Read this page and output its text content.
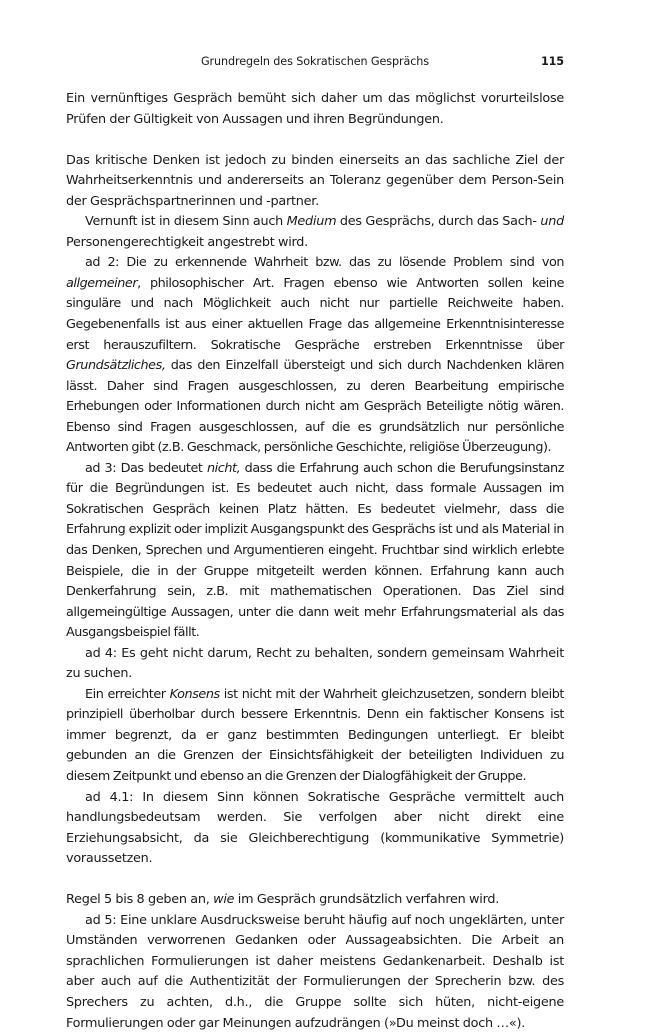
Grundregeln des Sokratischen Gesprächs	115

Ein vernünftiges Gespräch bemüht sich daher um das möglichst vorurteilslose Prüfen der Gültigkeit von Aussagen und ihren Begründungen.

Das kritische Denken ist jedoch zu binden einerseits an das sachliche Ziel der Wahrheitserkenntnis und andererseits an Toleranz gegenüber dem Person-Sein der Gesprächspartnerinnen und -partner.

Vernunft ist in diesem Sinn auch Medium des Gesprächs, durch das Sach- und Personengerechtigkeit angestrebt wird.

ad 2: Die zu erkennende Wahrheit bzw. das zu lösende Problem sind von allgemeiner, philosophischer Art. Fragen ebenso wie Antworten sollen keine singuläre und nach Möglichkeit auch nicht nur partielle Reichweite haben. Gegebenenfalls ist aus einer aktuellen Frage das allgemeine Erkenntnisinteresse erst herauszufiltern. Sokratische Gespräche erstreben Erkenntnisse über Grundsätzliches, das den Einzelfall übersteigt und sich durch Nachdenken klären lässt. Daher sind Fragen ausgeschlossen, zu deren Bearbeitung empirische Erhebungen oder Informationen durch nicht am Gespräch Beteiligte nötig wären. Ebenso sind Fragen ausgeschlossen, auf die es grundsätzlich nur persönliche Antworten gibt (z.B. Geschmack, persönliche Geschichte, religiöse Überzeugung).

ad 3: Das bedeutet nicht, dass die Erfahrung auch schon die Berufungsinstanz für die Begründungen ist. Es bedeutet auch nicht, dass formale Aussagen im Sokratischen Gespräch keinen Platz hätten. Es bedeutet vielmehr, dass die Erfahrung explizit oder implizit Ausgangspunkt des Gesprächs ist und als Material in das Denken, Sprechen und Argumentieren eingeht. Fruchtbar sind wirklich erlebte Beispiele, die in der Gruppe mitgeteilt werden können. Erfahrung kann auch Denkerfahrung sein, z.B. mit mathematischen Operationen. Das Ziel sind allgemeingültige Aussagen, unter die dann weit mehr Erfahrungsmaterial als das Ausgangsbeispiel fällt.

ad 4: Es geht nicht darum, Recht zu behalten, sondern gemeinsam Wahrheit zu suchen.

Ein erreichter Konsens ist nicht mit der Wahrheit gleichzusetzen, sondern bleibt prinzipiell überholbar durch bessere Erkenntnis. Denn ein faktischer Konsens ist immer begrenzt, da er ganz bestimmten Bedingungen unterliegt. Er bleibt gebunden an die Grenzen der Einsichtsfähigkeit der beteiligten Individuen zu diesem Zeitpunkt und ebenso an die Grenzen der Dialogfähigkeit der Gruppe.

ad 4.1: In diesem Sinn können Sokratische Gespräche vermittelt auch handlungsbedeutsam werden. Sie verfolgen aber nicht direkt eine Erziehungsabsicht, da sie Gleichberechtigung (kommunikative Symmetrie) voraussetzen.

Regel 5 bis 8 geben an, wie im Gespräch grundsätzlich verfahren wird.

ad 5: Eine unklare Ausdrucksweise beruht häufig auf noch ungeklärten, unter Umständen verworrenen Gedanken oder Aussageabsichten. Die Arbeit an sprachlichen Formulierungen ist daher meistens Gedankenarbeit. Deshalb ist aber auch auf die Authentizität der Formulierungen der Sprecherin bzw. des Sprechers zu achten, d.h., die Gruppe sollte sich hüten, nicht-eigene Formulierungen oder gar Meinungen aufzudrängen (»Du meinst doch …«).
